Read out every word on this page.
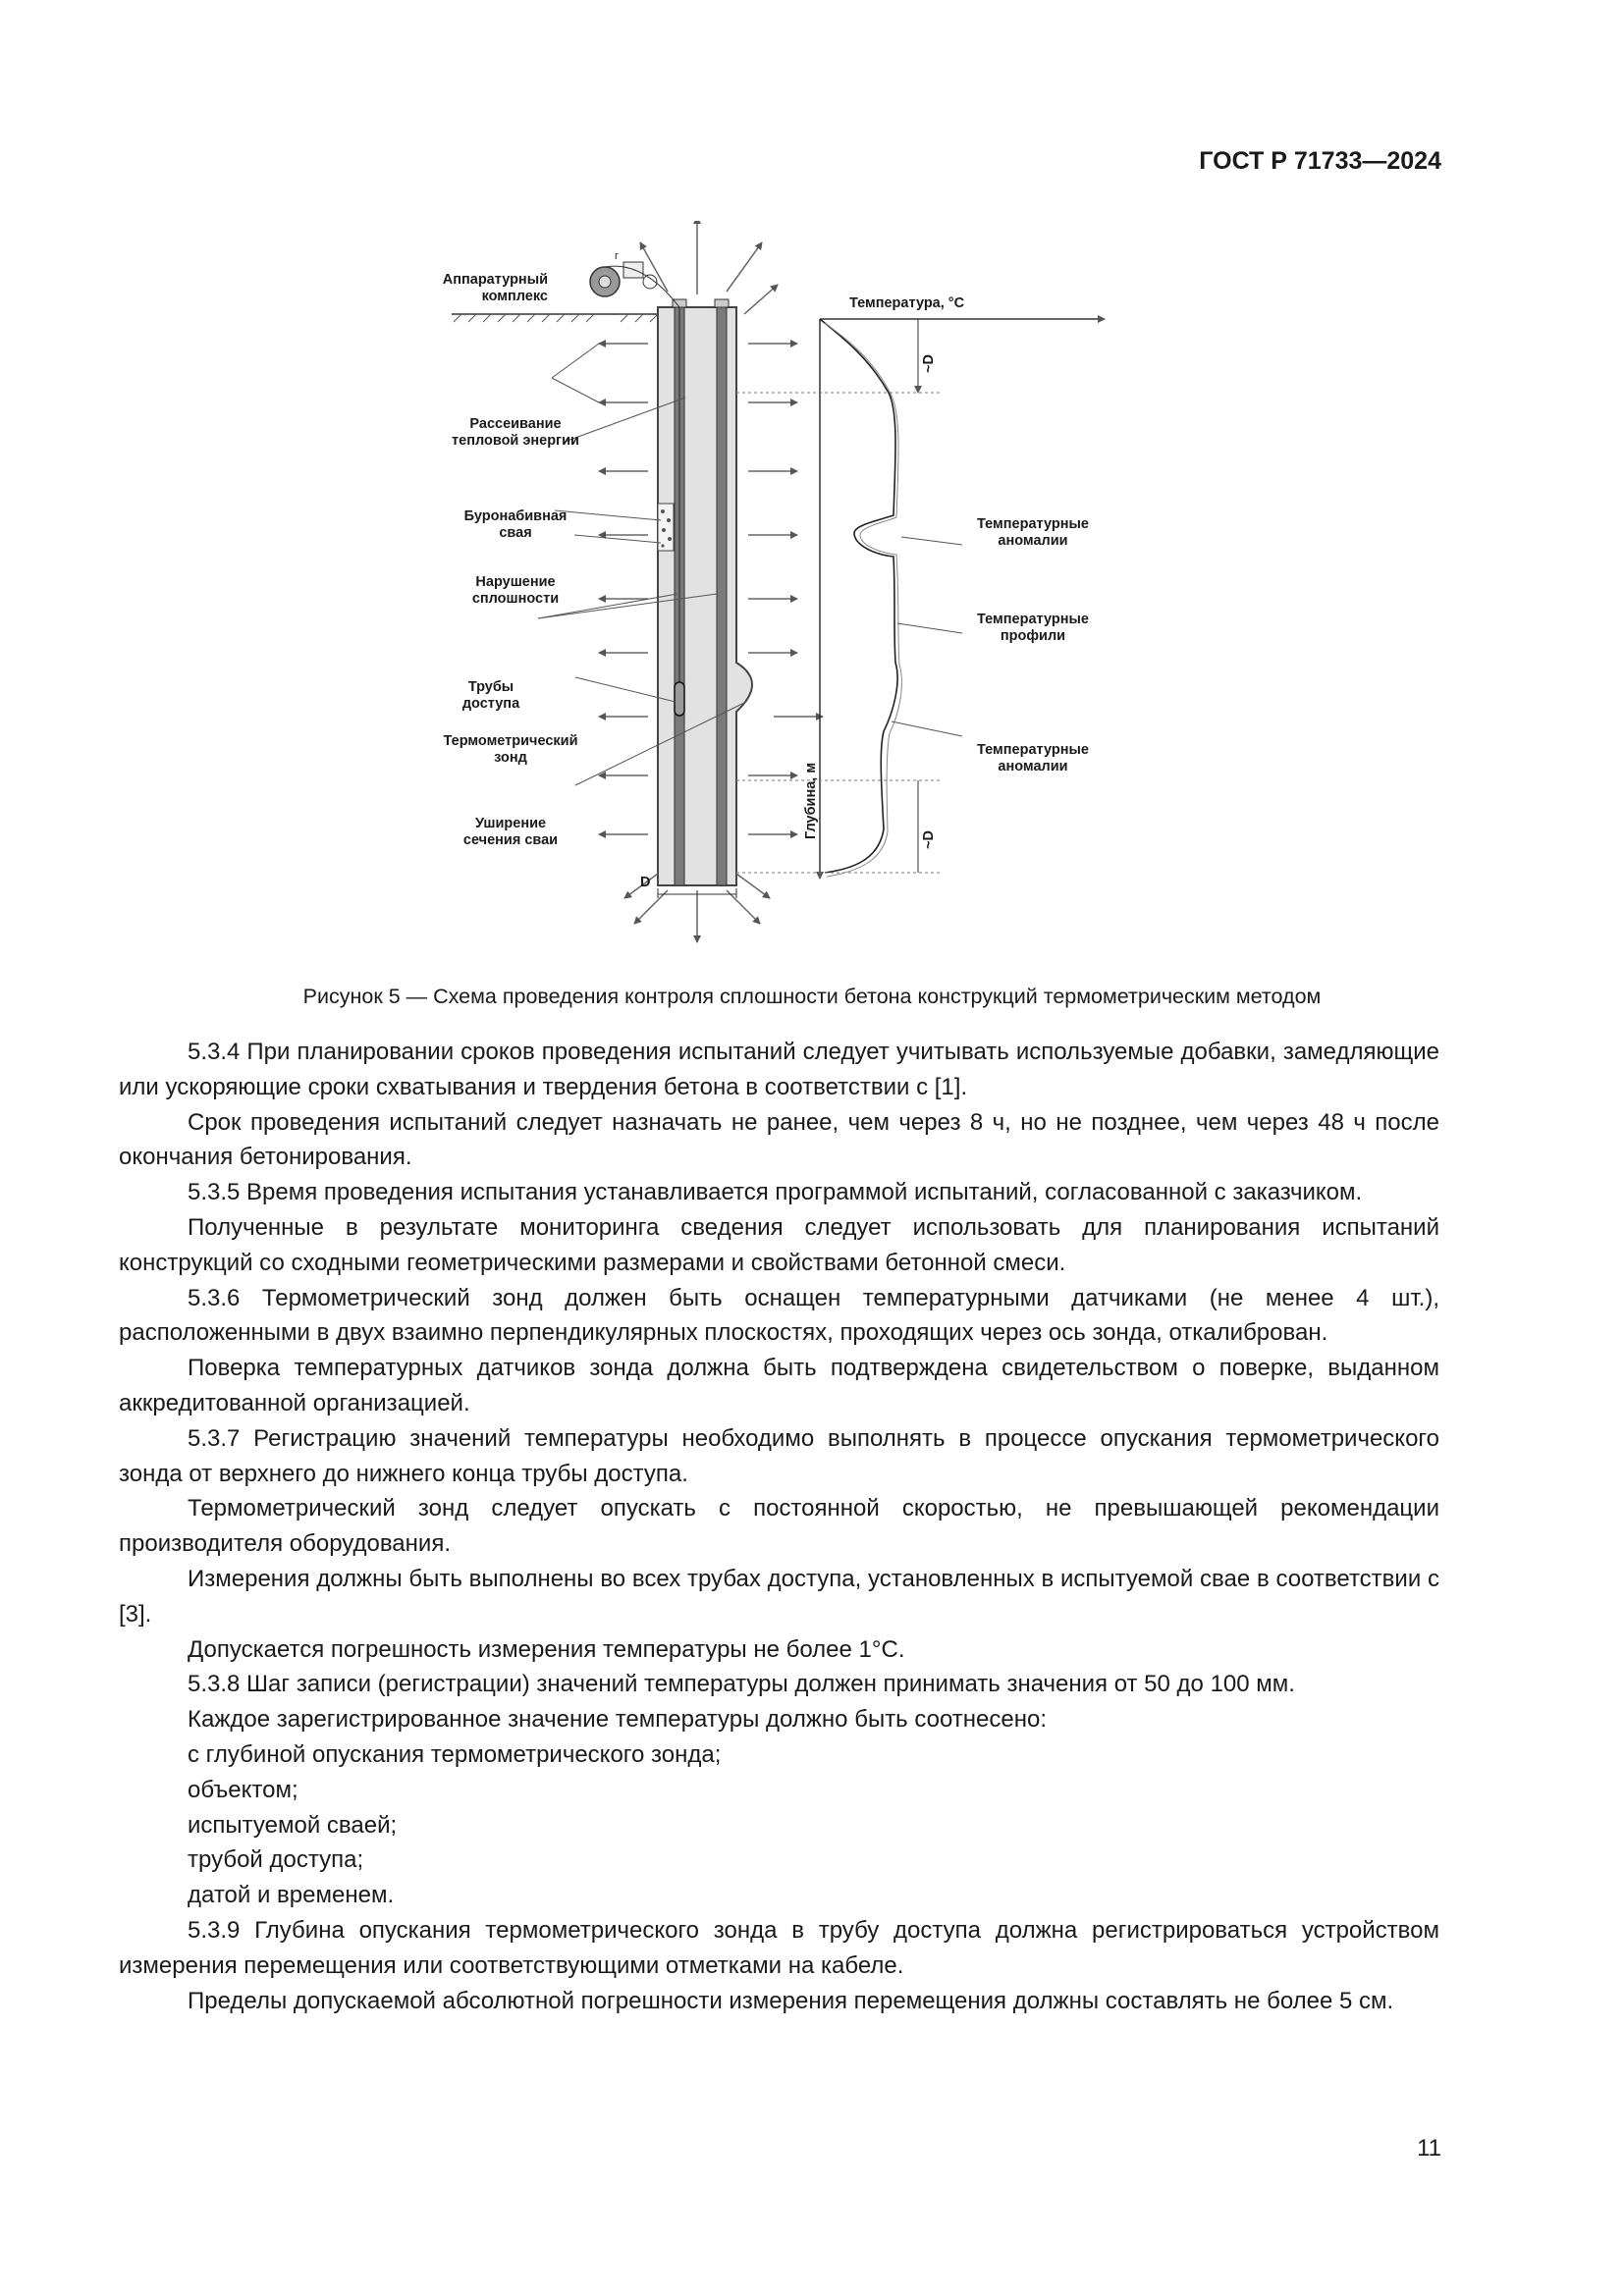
ГОСТ Р 71733—2024
г
D
~D
~D
Глубина, м
Температура, °С
Аппаратурный
комплекс
Рассеивание
тепловой энергии
Буронабивная
свая
Нарушение
сплошности
Трубы
доступа
Термометрический
зонд
Уширение
сечения сваи
Температурные
аномалии
Температурные
профили
Температурные
аномалии
Рисунок 5 — Схема проведения контроля сплошности бетона конструкций термометрическим методом

5.3.4 При планировании сроков проведения испытаний следует учитывать используемые добавки, замедляющие или ускоряющие сроки схватывания и твердения бетона в соответствии с [1].

Срок проведения испытаний следует назначать не ранее, чем через 8 ч, но не позднее, чем через 48 ч после окончания бетонирования.

5.3.5 Время проведения испытания устанавливается программой испытаний, согласованной с заказчиком.

Полученные в результате мониторинга сведения следует использовать для планирования испытаний конструкций со сходными геометрическими размерами и свойствами бетонной смеси.

5.3.6 Термометрический зонд должен быть оснащен температурными датчиками (не менее 4 шт.), расположенными в двух взаимно перпендикулярных плоскостях, проходящих через ось зонда, откалиброван.

Поверка температурных датчиков зонда должна быть подтверждена свидетельством о поверке, выданном аккредитованной организацией.

5.3.7 Регистрацию значений температуры необходимо выполнять в процессе опускания термометрического зонда от верхнего до нижнего конца трубы доступа.

Термометрический зонд следует опускать с постоянной скоростью, не превышающей рекомендации производителя оборудования.

Измерения должны быть выполнены во всех трубах доступа, установленных в испытуемой свае в соответствии с [3].

Допускается погрешность измерения температуры не более 1°С.

5.3.8 Шаг записи (регистрации) значений температуры должен принимать значения от 50 до 100 мм.

Каждое зарегистрированное значение температуры должно быть соотнесено:

с глубиной опускания термометрического зонда;

объектом;

испытуемой сваей;

трубой доступа;

датой и временем.

5.3.9 Глубина опускания термометрического зонда в трубу доступа должна регистрироваться устройством измерения перемещения или соответствующими отметками на кабеле.

Пределы допускаемой абсолютной погрешности измерения перемещения должны составлять не более 5 см.

11
